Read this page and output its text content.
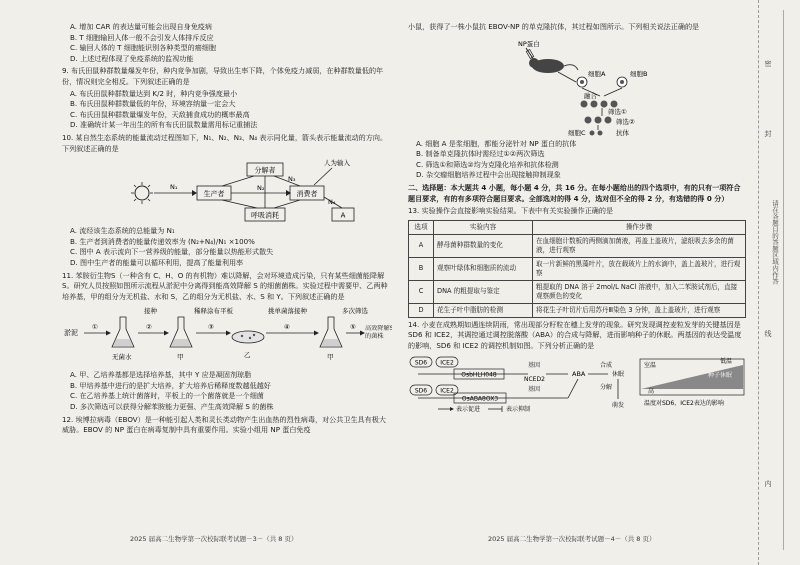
A. 增加 CAR 的表达量可能会出现自身免疫病

B. T 细胞输回人体一般不会引发人体排斥反应

C. 输回人体的 T 细胞能识别各种类型的癌细胞

D. 上述过程体现了免疫系统的监视功能

9. 布氏田鼠种群数量爆发年份，种内竞争加剧，导致出生率下降，个体免疫力减弱，在种群数量低的年份，情况则完全相反。下列叙述正确的是

A. 布氏田鼠种群数量达到 K/2 时，种内竞争强度最小

B. 布氏田鼠种群数量低的年份，环境容纳量一定会大

C. 布氏田鼠种群数量爆发年份，天敌捕食成功的概率最高

D. 准确统计某一年出生的所有布氏田鼠数量需用标记重捕法

10. 某自然生态系统的能量流动过程图如下，N₁、N₂、N₃、N₄ 表示同化量，箭头表示能量流动的方向。下列叙述正确的是

N₁
生产者
分解者
消费者
呼吸消耗	A
人为输入
N₂
N₃
N₄

A. 流经该生态系统的总能量为 N₁

B. 生产者到消费者的能量传递效率为 (N₂+N₄)/N₁ ×100%

C. 图中 A 表示流向下一营养级的能量，部分能量以热能形式散失

D. 图中生产者的能量可以循环利用，提高了能量利用率

11. 苯胺衍生物S（一种含有 C、H、O 的有机物）难以降解，会对环境造成污染，只有某些细菌能降解 S。研究人员按照如图所示流程从淤泥中分离得到能高效降解 S 的细菌菌株。实验过程中需要甲、乙两种培养基，甲的组分为无机盐、水和 S，乙的组分为无机盐、水、S 和 Y。下列叙述正确的是

淤泥
①
无菌水
②
接种
甲
③
稀释涂布平板
乙
④
挑单菌落接种
甲
⑤
多次筛选
高效降解S的菌株

A. 甲、乙培养基都是选择培养基，其中 Y 应是凝固剂琼脂

B. 甲培养基中进行的是扩大培养，扩大培养后稀释度数越低越好

C. 在乙培养基上统计菌落时，平板上的一个菌落就是一个细菌

D. 多次筛选可以获得分解苯胺能力更强、产生高效降解 S 的菌株

12. 埃博拉病毒（EBOV）是一种能引起人类和灵长类动物产生出血热的烈性病毒，对公共卫生具有极大威胁。EBOV 的 NP 蛋白在病毒复制中具有重要作用。实验小组用 NP 蛋白免疫

2025 届高二生物学第一次校际联考试题－3－（共 8 页）

小鼠，获得了一株小鼠抗 EBOV-NP 的单克隆抗体，其过程如图所示。下列相关说法正确的是

NP蛋白
细胞A	细胞B
融合
筛选①
筛选②
细胞C	抗体

A. 细胞 A 是浆细胞，都能分泌针对 NP 蛋白的抗体

B. 制备单克隆抗体时需经过①②两次筛选

C. 筛选①和筛选②均为克隆化培养和抗体检测

D. 杂交瘤细胞培养过程中会出现接触抑制现象

二、选择题：本大题共 4 小题，每小题 4 分，共 16 分。在每小题给出的四个选项中，有的只有一项符合题目要求，有的有多项符合题目要求。全部选对的得 4 分，选对但不全的得 2 分，有选错的得 0 分）

13. 实验操作会直接影响实验结果。下表中有关实验操作正确的是

选项	实验内容	操作步骤
A	酵母菌种群数量的变化	在血细胞计数板的两侧滴加菌液，再盖上盖玻片，滤纸吸去多余的菌液，进行观察
B	观察叶绿体和细胞质的流动	取一片新鲜的黑藻叶片，放在载玻片上的水滴中，盖上盖玻片，进行观察
C	DNA 的粗提取与鉴定	粗提取的 DNA 溶于 2mol/L NaCl 溶液中，加入二苯胺试剂后，直接观察颜色的变化
D	花生子叶中脂肪的检测	将花生子叶切片后用苏丹Ⅲ染色 3 分钟，盖上盖玻片，进行观察

14. 小麦在成熟期如遇连续阴雨，常出现部分籽粒在穗上发芽的现象。研究发现调控麦粒发芽的关键基因是 SD6 和 ICE2，其调控通过调控脱落酸（ABA）的合成与降解，进而影响种子的休眠。两基因的表达受温度的影响，SD6 和 ICE2 的调控机制如图。下列分析正确的是

SD6 ICE2
OsbHLH048
基因
NCED2
ABA
合成
分解
休眠
萌发
SD6 ICE2
OsABA8OX3
基因
表示促进	表示抑制
室温
低温
种子休眠
高
温度对SD6、ICE2表达的影响
2025 届高二生物学第一次校际联考试题－4－（共 8 页）
请在各题目的答题区域内作答
密
封
线
内
